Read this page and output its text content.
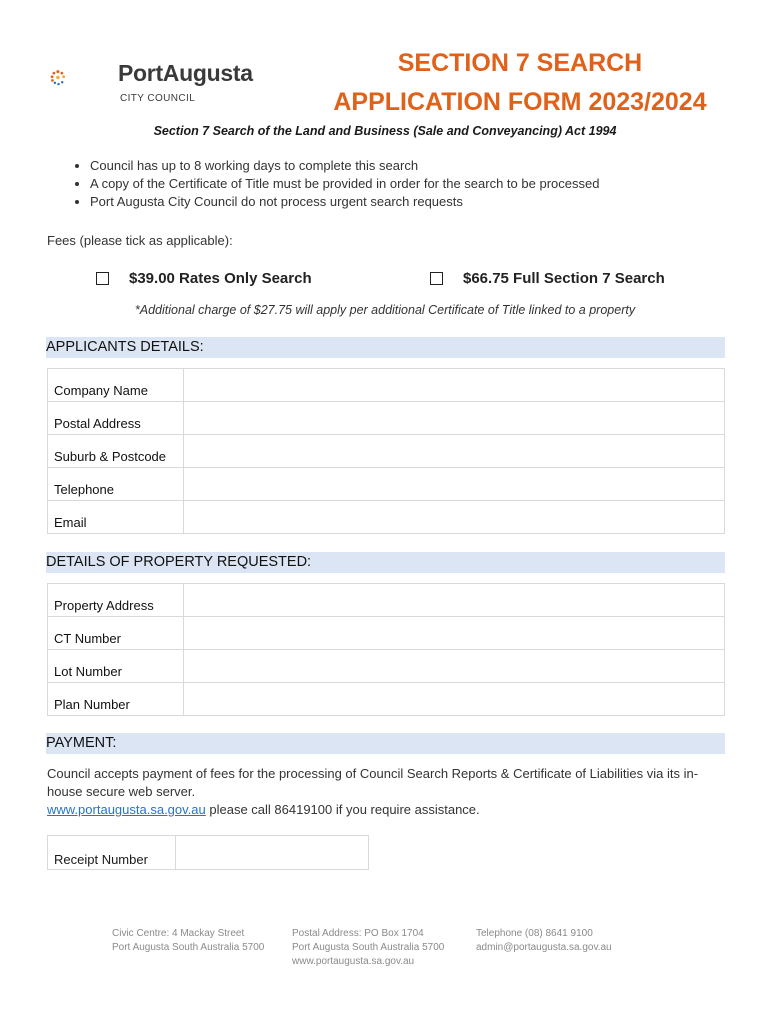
PortAugusta
CITY COUNCIL
SECTION 7 SEARCH
APPLICATION FORM 2023/2024
Section 7 Search of the Land and Business (Sale and Conveyancing) Act 1994
• Council has up to 8 working days to complete this search
• A copy of the Certificate of Title must be provided in order for the search to be processed
• Port Augusta City Council do not process urgent search requests
Fees (please tick as applicable):
$39.00 Rates Only Search	$66.75 Full Section 7 Search
*Additional charge of $27.75 will apply per additional Certificate of Title linked to a property
APPLICANTS DETAILS:
Company Name	
Postal Address	
Suburb & Postcode	
Telephone	
Email	
DETAILS OF PROPERTY REQUESTED:
Property Address	
CT Number	
Lot Number	
Plan Number	
PAYMENT:
Council accepts payment of fees for the processing of Council Search Reports & Certificate of Liabilities via its in-house secure web server.
www.portaugusta.sa.gov.au please call 86419100 if you require assistance.
Receipt Number	
Civic Centre: 4 Mackay Street
Port Augusta South Australia 5700
Postal Address: PO Box 1704
Port Augusta South Australia 5700
www.portaugusta.sa.gov.au
Telephone (08) 8641 9100
admin@portaugusta.sa.gov.au
